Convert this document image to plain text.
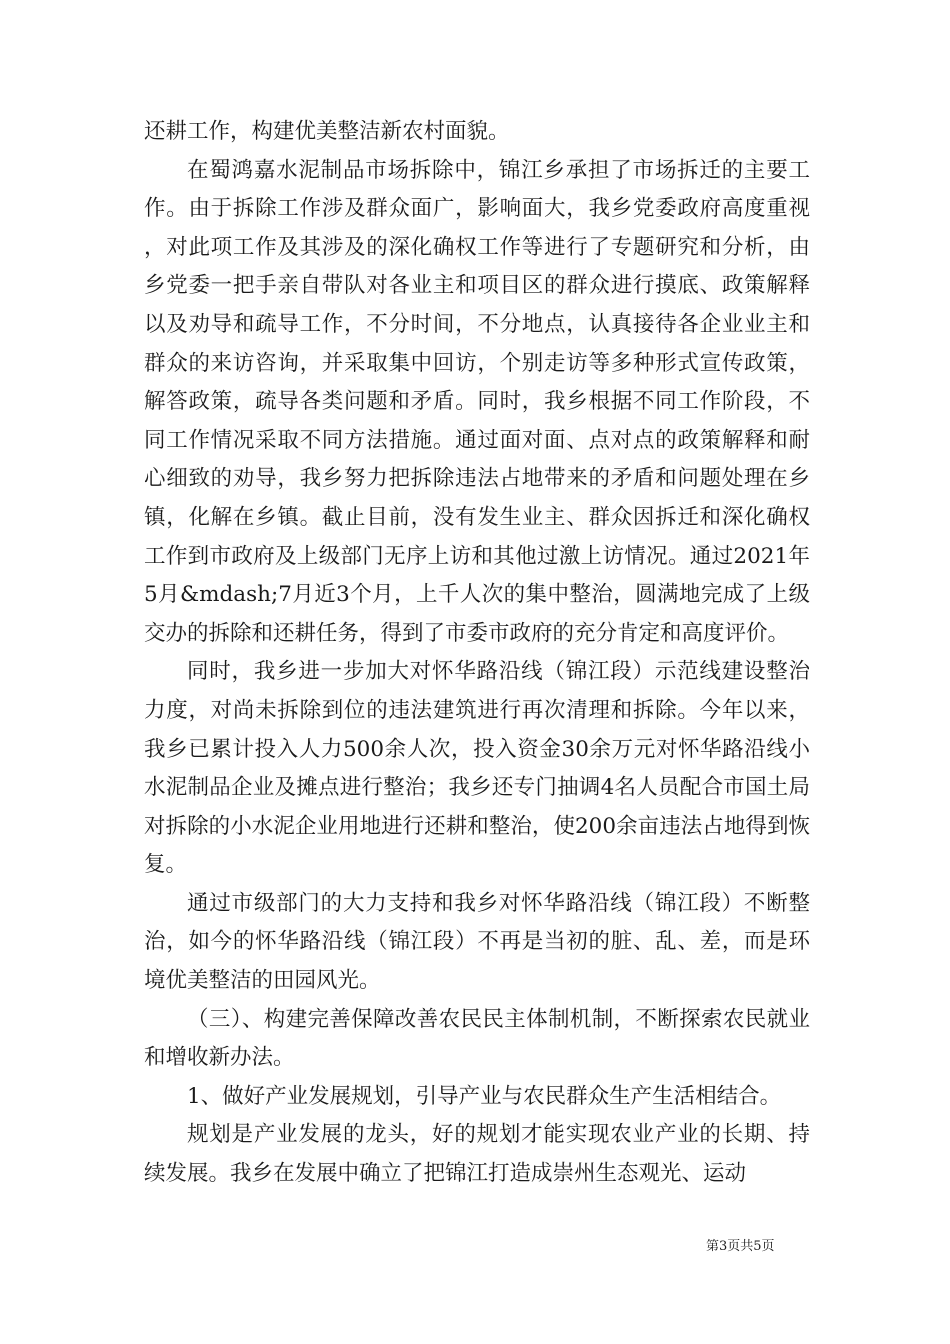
还耕工作，构建优美整洁新农村面貌。

在蜀鸿嘉水泥制品市场拆除中，锦江乡承担了市场拆迁的主要工作。由于拆除工作涉及群众面广，影响面大，我乡党委政府高度重视，对此项工作及其涉及的深化确权工作等进行了专题研究和分析，由乡党委一把手亲自带队对各业主和项目区的群众进行摸底、政策解释以及劝导和疏导工作，不分时间，不分地点，认真接待各企业业主和群众的来访咨询，并采取集中回访，个别走访等多种形式宣传政策，解答政策，疏导各类问题和矛盾。同时，我乡根据不同工作阶段，不同工作情况采取不同方法措施。通过面对面、点对点的政策解释和耐心细致的劝导，我乡努力把拆除违法占地带来的矛盾和问题处理在乡镇，化解在乡镇。截止目前，没有发生业主、群众因拆迁和深化确权工作到市政府及上级部门无序上访和其他过激上访情况。通过2021年5月&mdash;7月近3个月，上千人次的集中整治，圆满地完成了上级交办的拆除和还耕任务，得到了市委市政府的充分肯定和高度评价。

同时，我乡进一步加大对怀华路沿线（锦江段）示范线建设整治力度，对尚未拆除到位的违法建筑进行再次清理和拆除。今年以来，我乡已累计投入人力500余人次，投入资金30余万元对怀华路沿线小水泥制品企业及摊点进行整治；我乡还专门抽调4名人员配合市国土局对拆除的小水泥企业用地进行还耕和整治，使200余亩违法占地得到恢复。

通过市级部门的大力支持和我乡对怀华路沿线（锦江段）不断整治，如今的怀华路沿线（锦江段）不再是当初的脏、乱、差，而是环境优美整洁的田园风光。

（三）、构建完善保障改善农民民主体制机制，不断探索农民就业和增收新办法。

1、做好产业发展规划，引导产业与农民群众生产生活相结合。

规划是产业发展的龙头，好的规划才能实现农业产业的长期、持续发展。我乡在发展中确立了把锦江打造成崇州生态观光、运动

第3页共5页
